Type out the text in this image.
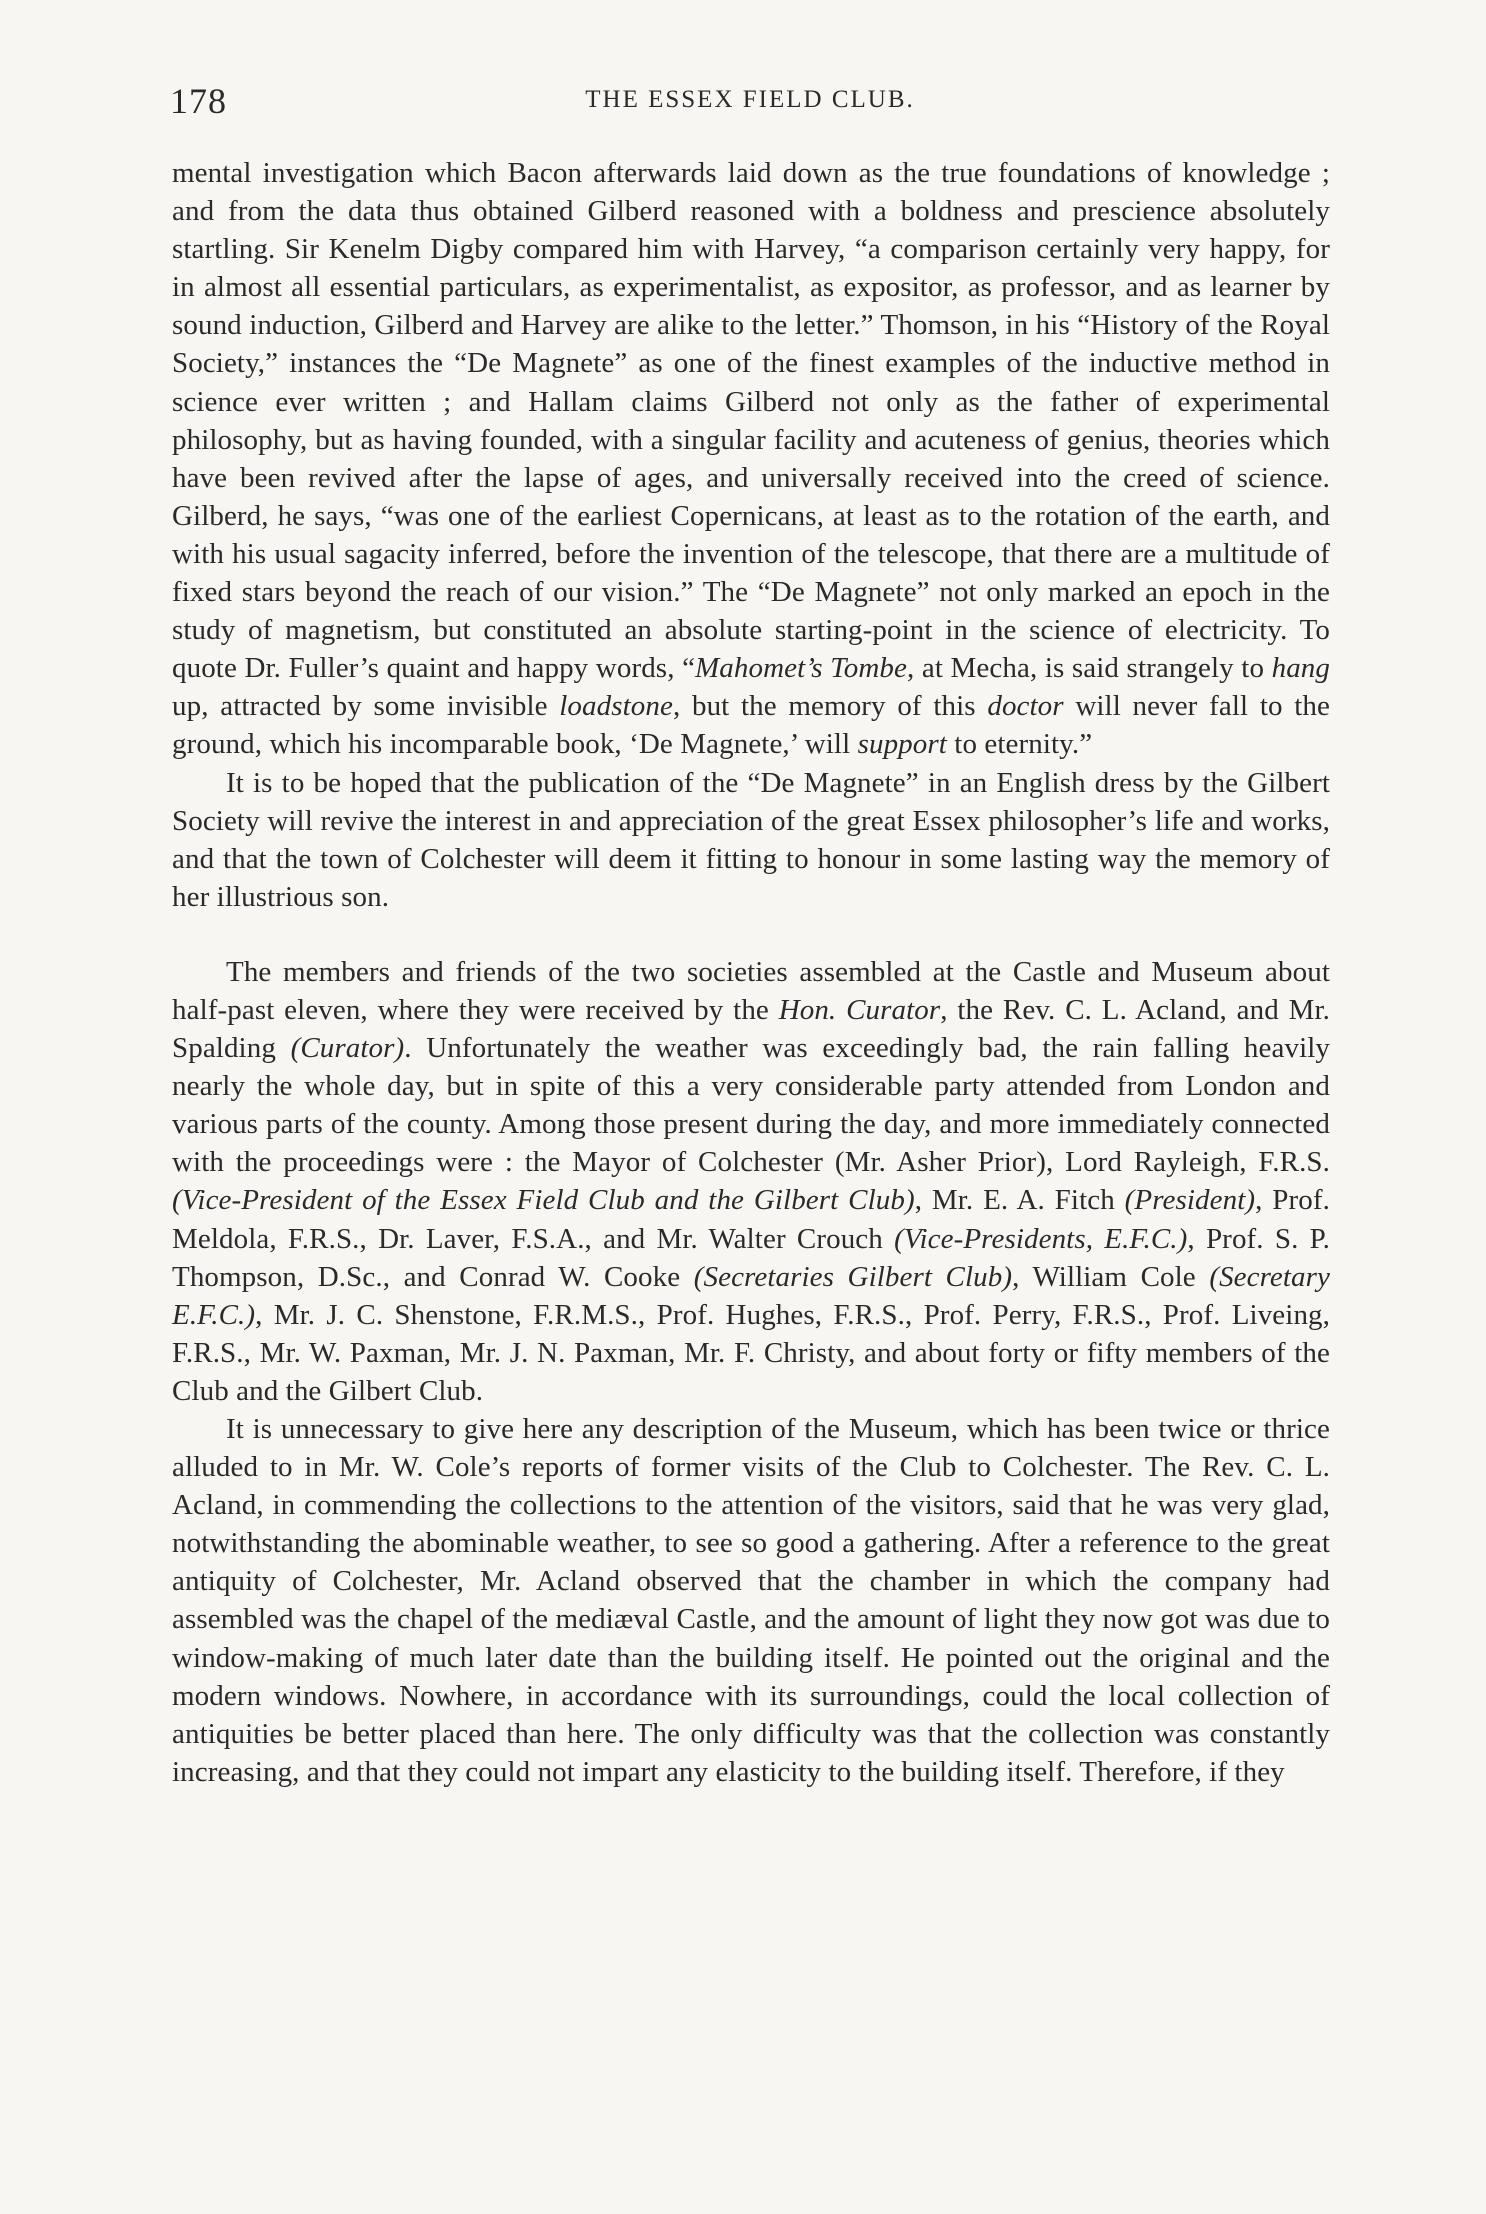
178	THE ESSEX FIELD CLUB.

mental investigation which Bacon afterwards laid down as the true foundations of knowledge ; and from the data thus obtained Gilberd reasoned with a boldness and prescience absolutely startling. Sir Kenelm Digby compared him with Harvey, “a comparison certainly very happy, for in almost all essential particulars, as experimentalist, as expositor, as professor, and as learner by sound induction, Gilberd and Harvey are alike to the letter.” Thomson, in his “History of the Royal Society,” instances the “De Magnete” as one of the finest examples of the inductive method in science ever written ; and Hallam claims Gilberd not only as the father of experimental philosophy, but as having founded, with a singular facility and acuteness of genius, theories which have been revived after the lapse of ages, and universally received into the creed of science. Gilberd, he says, “was one of the earliest Copernicans, at least as to the rotation of the earth, and with his usual sagacity inferred, before the invention of the telescope, that there are a multitude of fixed stars beyond the reach of our vision.” The “De Magnete” not only marked an epoch in the study of magnetism, but constituted an absolute starting-point in the science of electricity. To quote Dr. Fuller’s quaint and happy words, “Mahomet’s Tombe, at Mecha, is said strangely to hang up, attracted by some invisible loadstone, but the memory of this doctor will never fall to the ground, which his incomparable book, ‘De Magnete,’ will support to eternity.”

It is to be hoped that the publication of the “De Magnete” in an English dress by the Gilbert Society will revive the interest in and appreciation of the great Essex philosopher’s life and works, and that the town of Colchester will deem it fitting to honour in some lasting way the memory of her illustrious son.

The members and friends of the two societies assembled at the Castle and Museum about half-past eleven, where they were received by the Hon. Curator, the Rev. C. L. Acland, and Mr. Spalding (Curator). Unfortunately the weather was exceedingly bad, the rain falling heavily nearly the whole day, but in spite of this a very considerable party attended from London and various parts of the county. Among those present during the day, and more immediately connected with the proceedings were : the Mayor of Colchester (Mr. Asher Prior), Lord Rayleigh, F.R.S. (Vice-President of the Essex Field Club and the Gilbert Club), Mr. E. A. Fitch (President), Prof. Meldola, F.R.S., Dr. Laver, F.S.A., and Mr. Walter Crouch (Vice-Presidents, E.F.C.), Prof. S. P. Thompson, D.Sc., and Conrad W. Cooke (Secretaries Gilbert Club), William Cole (Secretary E.F.C.), Mr. J. C. Shenstone, F.R.M.S., Prof. Hughes, F.R.S., Prof. Perry, F.R.S., Prof. Liveing, F.R.S., Mr. W. Paxman, Mr. J. N. Paxman, Mr. F. Christy, and about forty or fifty members of the Club and the Gilbert Club.

It is unnecessary to give here any description of the Museum, which has been twice or thrice alluded to in Mr. W. Cole’s reports of former visits of the Club to Colchester. The Rev. C. L. Acland, in commending the collections to the attention of the visitors, said that he was very glad, notwithstanding the abominable weather, to see so good a gathering. After a reference to the great antiquity of Colchester, Mr. Acland observed that the chamber in which the company had assembled was the chapel of the mediæval Castle, and the amount of light they now got was due to window-making of much later date than the building itself. He pointed out the original and the modern windows. Nowhere, in accordance with its surroundings, could the local collection of antiquities be better placed than here. The only difficulty was that the collection was constantly increasing, and that they could not impart any elasticity to the building itself. Therefore, if they
